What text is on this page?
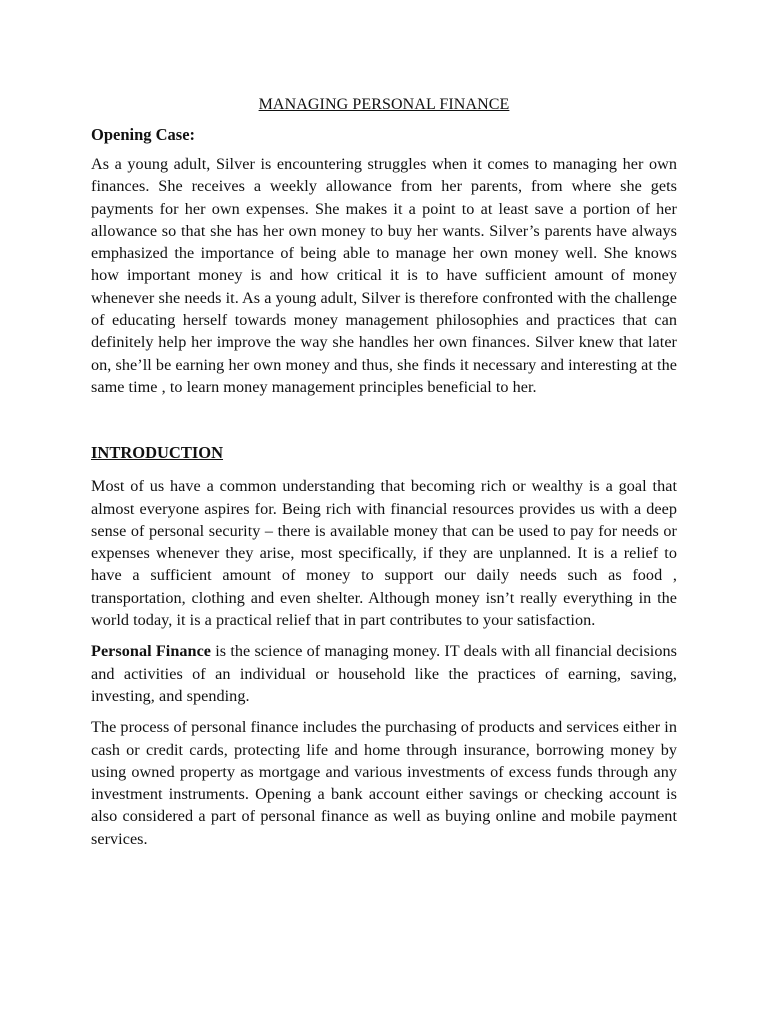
MANAGING PERSONAL FINANCE
Opening Case:

As a young adult, Silver is encountering struggles when it comes to managing her own finances. She receives a weekly allowance from her parents, from where she gets payments for her own expenses. She makes it a point to at least save a portion of her allowance so that she has her own money to buy her wants. Silver’s parents have always emphasized the importance of being able to manage her own money well. She knows how important money is and how critical it is to have sufficient amount of money whenever she needs it. As a young adult, Silver is therefore confronted with the challenge of educating herself towards money management philosophies and practices that can definitely help her improve the way she handles her own finances. Silver knew that later on, she’ll be earning her own money and thus, she finds it necessary and interesting at the same time , to learn money management principles beneficial to her.

INTRODUCTION

Most of us have a common understanding that becoming rich or wealthy is a goal that almost everyone aspires for. Being rich with financial resources provides us with a deep sense of personal security – there is available money that can be used to pay for needs or expenses whenever they arise, most specifically, if they are unplanned. It is a relief to have a sufficient amount of money to support our daily needs such as food , transportation, clothing and even shelter. Although money isn’t really everything in the world today, it is a practical relief that in part contributes to your satisfaction.

Personal Finance is the science of managing money. IT deals with all financial decisions and activities of an individual or household like the practices of earning, saving, investing, and spending.

The process of personal finance includes the purchasing of products and services either in cash or credit cards, protecting life and home through insurance, borrowing money by using owned property as mortgage and various investments of excess funds through any investment instruments. Opening a bank account either savings or checking account is also considered a part of personal finance as well as buying online and mobile payment services.
